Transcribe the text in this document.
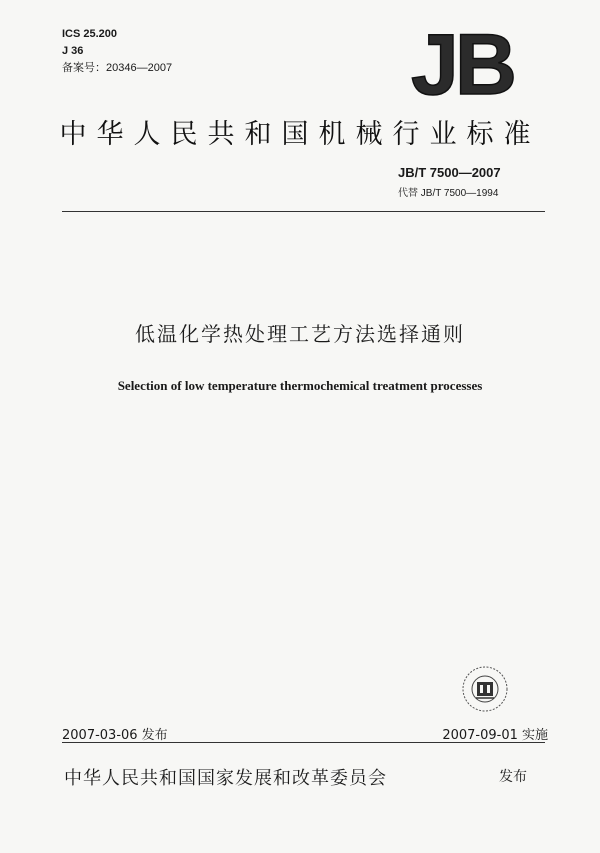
ICS 25.200
J 36
备案号：20346—2007	JB
中华人民共和国机械行业标准
JB/T 7500—2007
代替 JB/T 7500—1994
低温化学热处理工艺方法选择通则
Selection of low temperature thermochemical treatment processes
2007-03-06 发布	2007-09-01 实施
中华人民共和国国家发展和改革委员会	发布
